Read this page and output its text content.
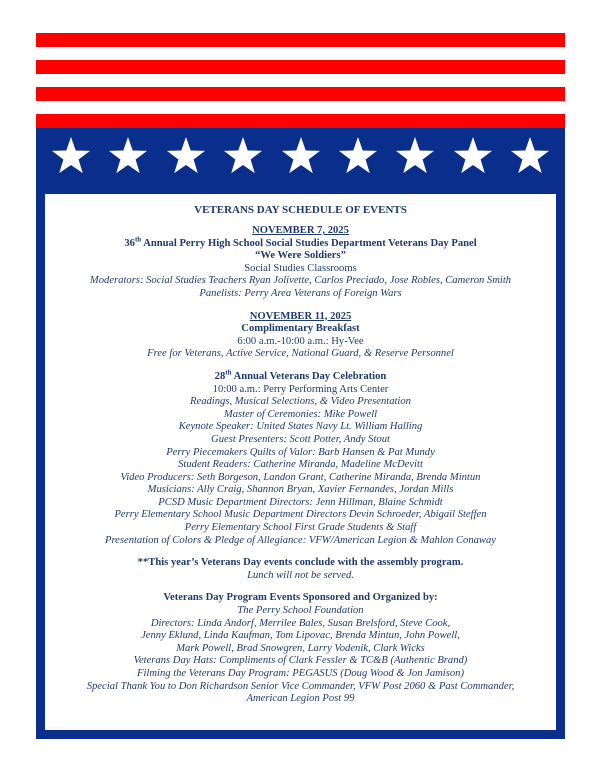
VETERANS DAY SCHEDULE OF EVENTS
NOVEMBER 7, 2025
36th Annual Perry High School Social Studies Department Veterans Day Panel
“We Were Soldiers”
Social Studies Classrooms
Moderators: Social Studies Teachers Ryan Jolivette, Carlos Preciado, Jose Robles, Cameron Smith
Panelists: Perry Area Veterans of Foreign Wars
NOVEMBER 11, 2025
Complimentary Breakfast
6:00 a.m.-10:00 a.m.: Hy-Vee
Free for Veterans, Active Service, National Guard, & Reserve Personnel
28th Annual Veterans Day Celebration
10:00 a.m.: Perry Performing Arts Center
Readings, Musical Selections, & Video Presentation
Master of Ceremonies: Mike Powell
Keynote Speaker: United States Navy Lt. William Halling
Guest Presenters: Scott Potter, Andy Stout
Perry Piecemakers Quilts of Valor: Barb Hansen & Pat Mundy
Student Readers: Catherine Miranda, Madeline McDevitt
Video Producers: Seth Borgeson, Landon Grant, Catherine Miranda, Brenda Mintun
Musicians: Ally Craig, Shannon Bryan, Xavier Fernandes, Jordan Mills
PCSD Music Department Directors: Jenn Hillman, Blaine Schmidt
Perry Elementary School Music Department Directors Devin Schroeder, Abigail Steffen
Perry Elementary School First Grade Students & Staff
Presentation of Colors & Pledge of Allegiance: VFW/American Legion & Mahlon Conaway
**This year’s Veterans Day events conclude with the assembly program.
Lunch will not be served.
Veterans Day Program Events Sponsored and Organized by:
The Perry School Foundation
Directors: Linda Andorf, Merrilee Bales, Susan Brelsford, Steve Cook,
Jenny Eklund, Linda Kaufman, Tom Lipovac, Brenda Mintun, John Powell,
Mark Powell, Brad Snowgren, Larry Vodenik, Clark Wicks
Veterans Day Hats: Compliments of Clark Fessler & TC&B (Authentic Brand)
Filming the Veterans Day Program: PEGASUS (Doug Wood & Jon Jamison)
Special Thank You to Don Richardson Senior Vice Commander, VFW Post 2060 & Past Commander,
American Legion Post 99
